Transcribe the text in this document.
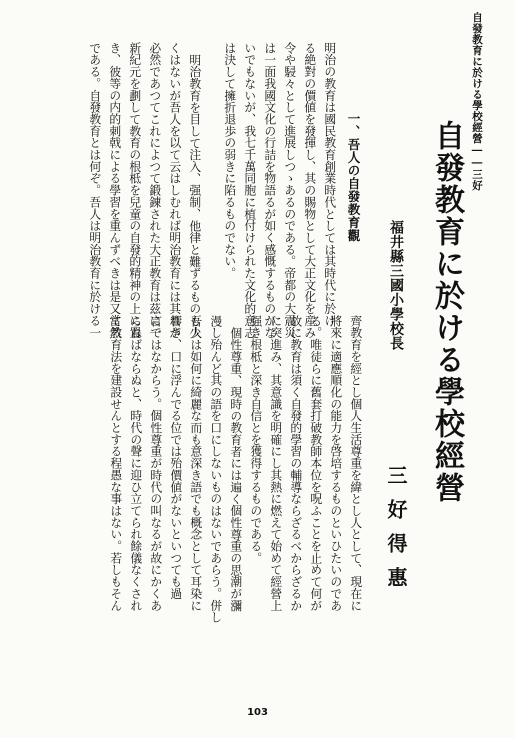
自發教育に於ける學校經營――三好
自發教育に於ける學校經營
福井縣三國小學校長
三好得惠
一、吾人の自發教育觀
明治の教育は國民教育創業時代としては其時代に於け
る絶對の價値を發揮し、其の賜物として大正文化を産み
令や駸々として進展しつゝあるのである。帝都の大震災
は一面我國文化の行詰を物語るが如く感慨するものがな
いでもないが、我七千萬同胞に植付けられた文化的意志
は決して擁折退歩の弱きに陷るものでない。
明治教育を目して注入、强制、他律と難ずるものも少
くはないが吾人を以て云はしむれば明治教育には其れが
必然であつてこれによつて鍛錬された大正教育は茲に一
新紀元を劃して教育の根柢を兒童の自發的精神の上に置
き、彼等の内的刺戟による學習を重んずべきは是又當然
である。自發教育とは何ぞ。吾人は明治教育に於ける一
齊教育を經とし個人生活尊重を緯とし人として、現在に
將來に適應順化の能力を啓培するものといひたいのであ
る。唯徒らに舊套打破教師本位を呪ふことを止めて何が
故に教育は須く自發的學習の輔導ならざるべからざるか
に突進み、其意識を明確にし其熱に燃えて始めて經營上
强き根柢と深き自信とを獲得するものである。
個性尊重、現時の教育者には遍く個性尊重の思潮が瀰
漫し殆んど其の語を口にしないものはないであらう。併し
吾人は如何に綺麗な而も意深き語でも概念として耳染に
響き、口に浮んでる位では殆價値がないといつても過
言ではなからう。個性尊重が時代の叫なるが故にかくあ
らねばならぬと、時代の聲に迎ひ立てられ餘儀なくされ
て教育法を建設せんとする程愚な事はない。若しもそん
103
